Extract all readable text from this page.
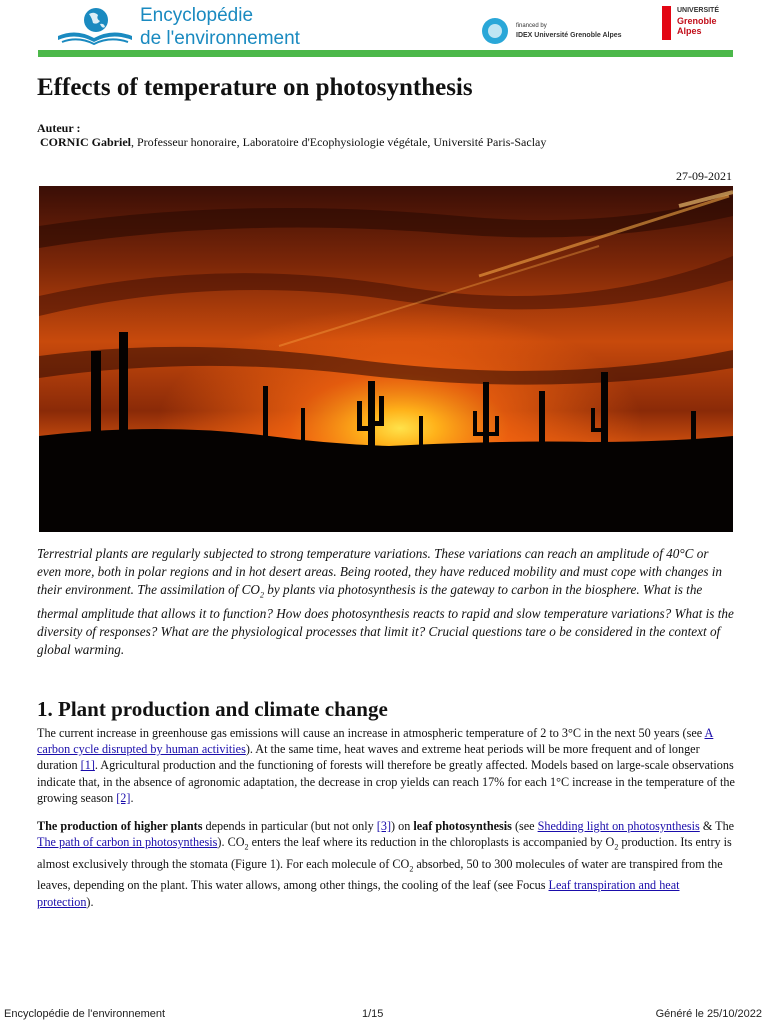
Encyclopédie
de l'environnement
financed by
IDEX Université Grenoble Alpes
UNIVERSITÉ
Grenoble
Alpes
Effects of temperature on photosynthesis
Auteur :
CORNIC Gabriel, Professeur honoraire, Laboratoire d'Ecophysiologie végétale, Université Paris-Saclay
27-09-2021

Terrestrial plants are regularly subjected to strong temperature variations. These variations can reach an amplitude of 40°C or even more, both in polar regions and in hot desert areas. Being rooted, they have reduced mobility and must cope with changes in their environment. The assimilation of $CO_2$ by plants via photosynthesis is the gateway to carbon in the biosphere. What is the thermal amplitude that allows it to function? How does photosynthesis reacts to rapid and slow temperature variations? What is the diversity of responses? What are the physiological processes that limit it? Crucial questions tare o be considered in the context of global warming.

1. Plant production and climate change

The current increase in greenhouse gas emissions will cause an increase in atmospheric temperature of 2 to 3°C in the next 50 years (see A carbon cycle disrupted by human activities). At the same time, heat waves and extreme heat periods will be more frequent and of longer duration [1]. Agricultural production and the functioning of forests will therefore be greatly affected. Models based on large-scale observations indicate that, in the absence of agronomic adaptation, the decrease in crop yields can reach 17% for each 1°C increase in the temperature of the growing season [2].

The production of higher plants depends in particular (but not only [3]) on leaf photosynthesis (see Shedding light on photosynthesis & The The path of carbon in photosynthesis). $CO_2$ enters the leaf where its reduction in the chloroplasts is accompanied by $O_2$ production. Its entry is almost exclusively through the stomata (Figure 1). For each molecule of $CO_2$ absorbed, 50 to 300 molecules of water are transpired from the leaves, depending on the plant. This water allows, among other things, the cooling of the leaf (see Focus Leaf transpiration and heat protection).

Encyclopédie de l'environnement	1/15	Généré le 25/10/2022
